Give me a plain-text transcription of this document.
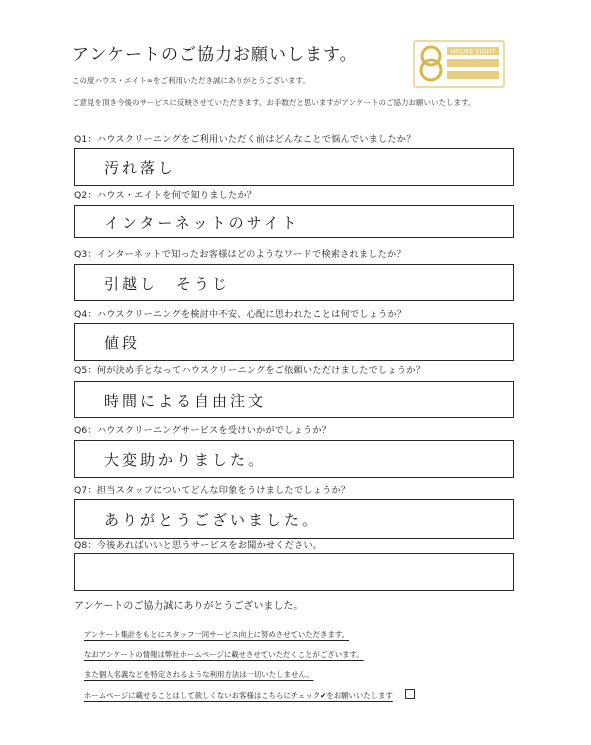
アンケートのご協力お願いします。
この度ハウス・エイト∞をご利用いただき誠にありがとうございます。
ご意見を頂き今後のサービスに反映させていただきます。お手数だと思いますがアンケートのご協力お願いいたします。
HOUSE EIGHT
Q1：ハウスクリーニングをご利用いただく前はどんなことで悩んでいましたか？
汚れ落し
Q2：ハウス・エイトを何で知りましたか？
インターネットのサイト
Q3：インターネットで知ったお客様はどのようなワードで検索されましたか？
引越し　そうじ
Q4：ハウスクリーニングを検討中不安、心配に思われたことは何でしょうか？
値段
Q5：何が決め手となってハウスクリーニングをご依頼いただけましたでしょうか？
時間による自由注文
Q6：ハウスクリーニングサービスを受けいかがでしょうか？
大変助かりました。
Q7：担当スタッフについてどんな印象をうけましたでしょうか？
ありがとうございました。
Q8：今後あればいいと思うサービスをお聞かせください。
アンケートのご協力誠にありがとうございました。
アンケート集計をもとにスタッフ一同サービス向上に努めさせていただきます。
なおアンケートの情報は弊社ホームページに載せさせていただくことがございます。
また個人名義などを特定されるような利用方法は一切いたしません。
ホームページに載せることはして欲しくないお客様はこちらにチェック✔をお願いいたします
